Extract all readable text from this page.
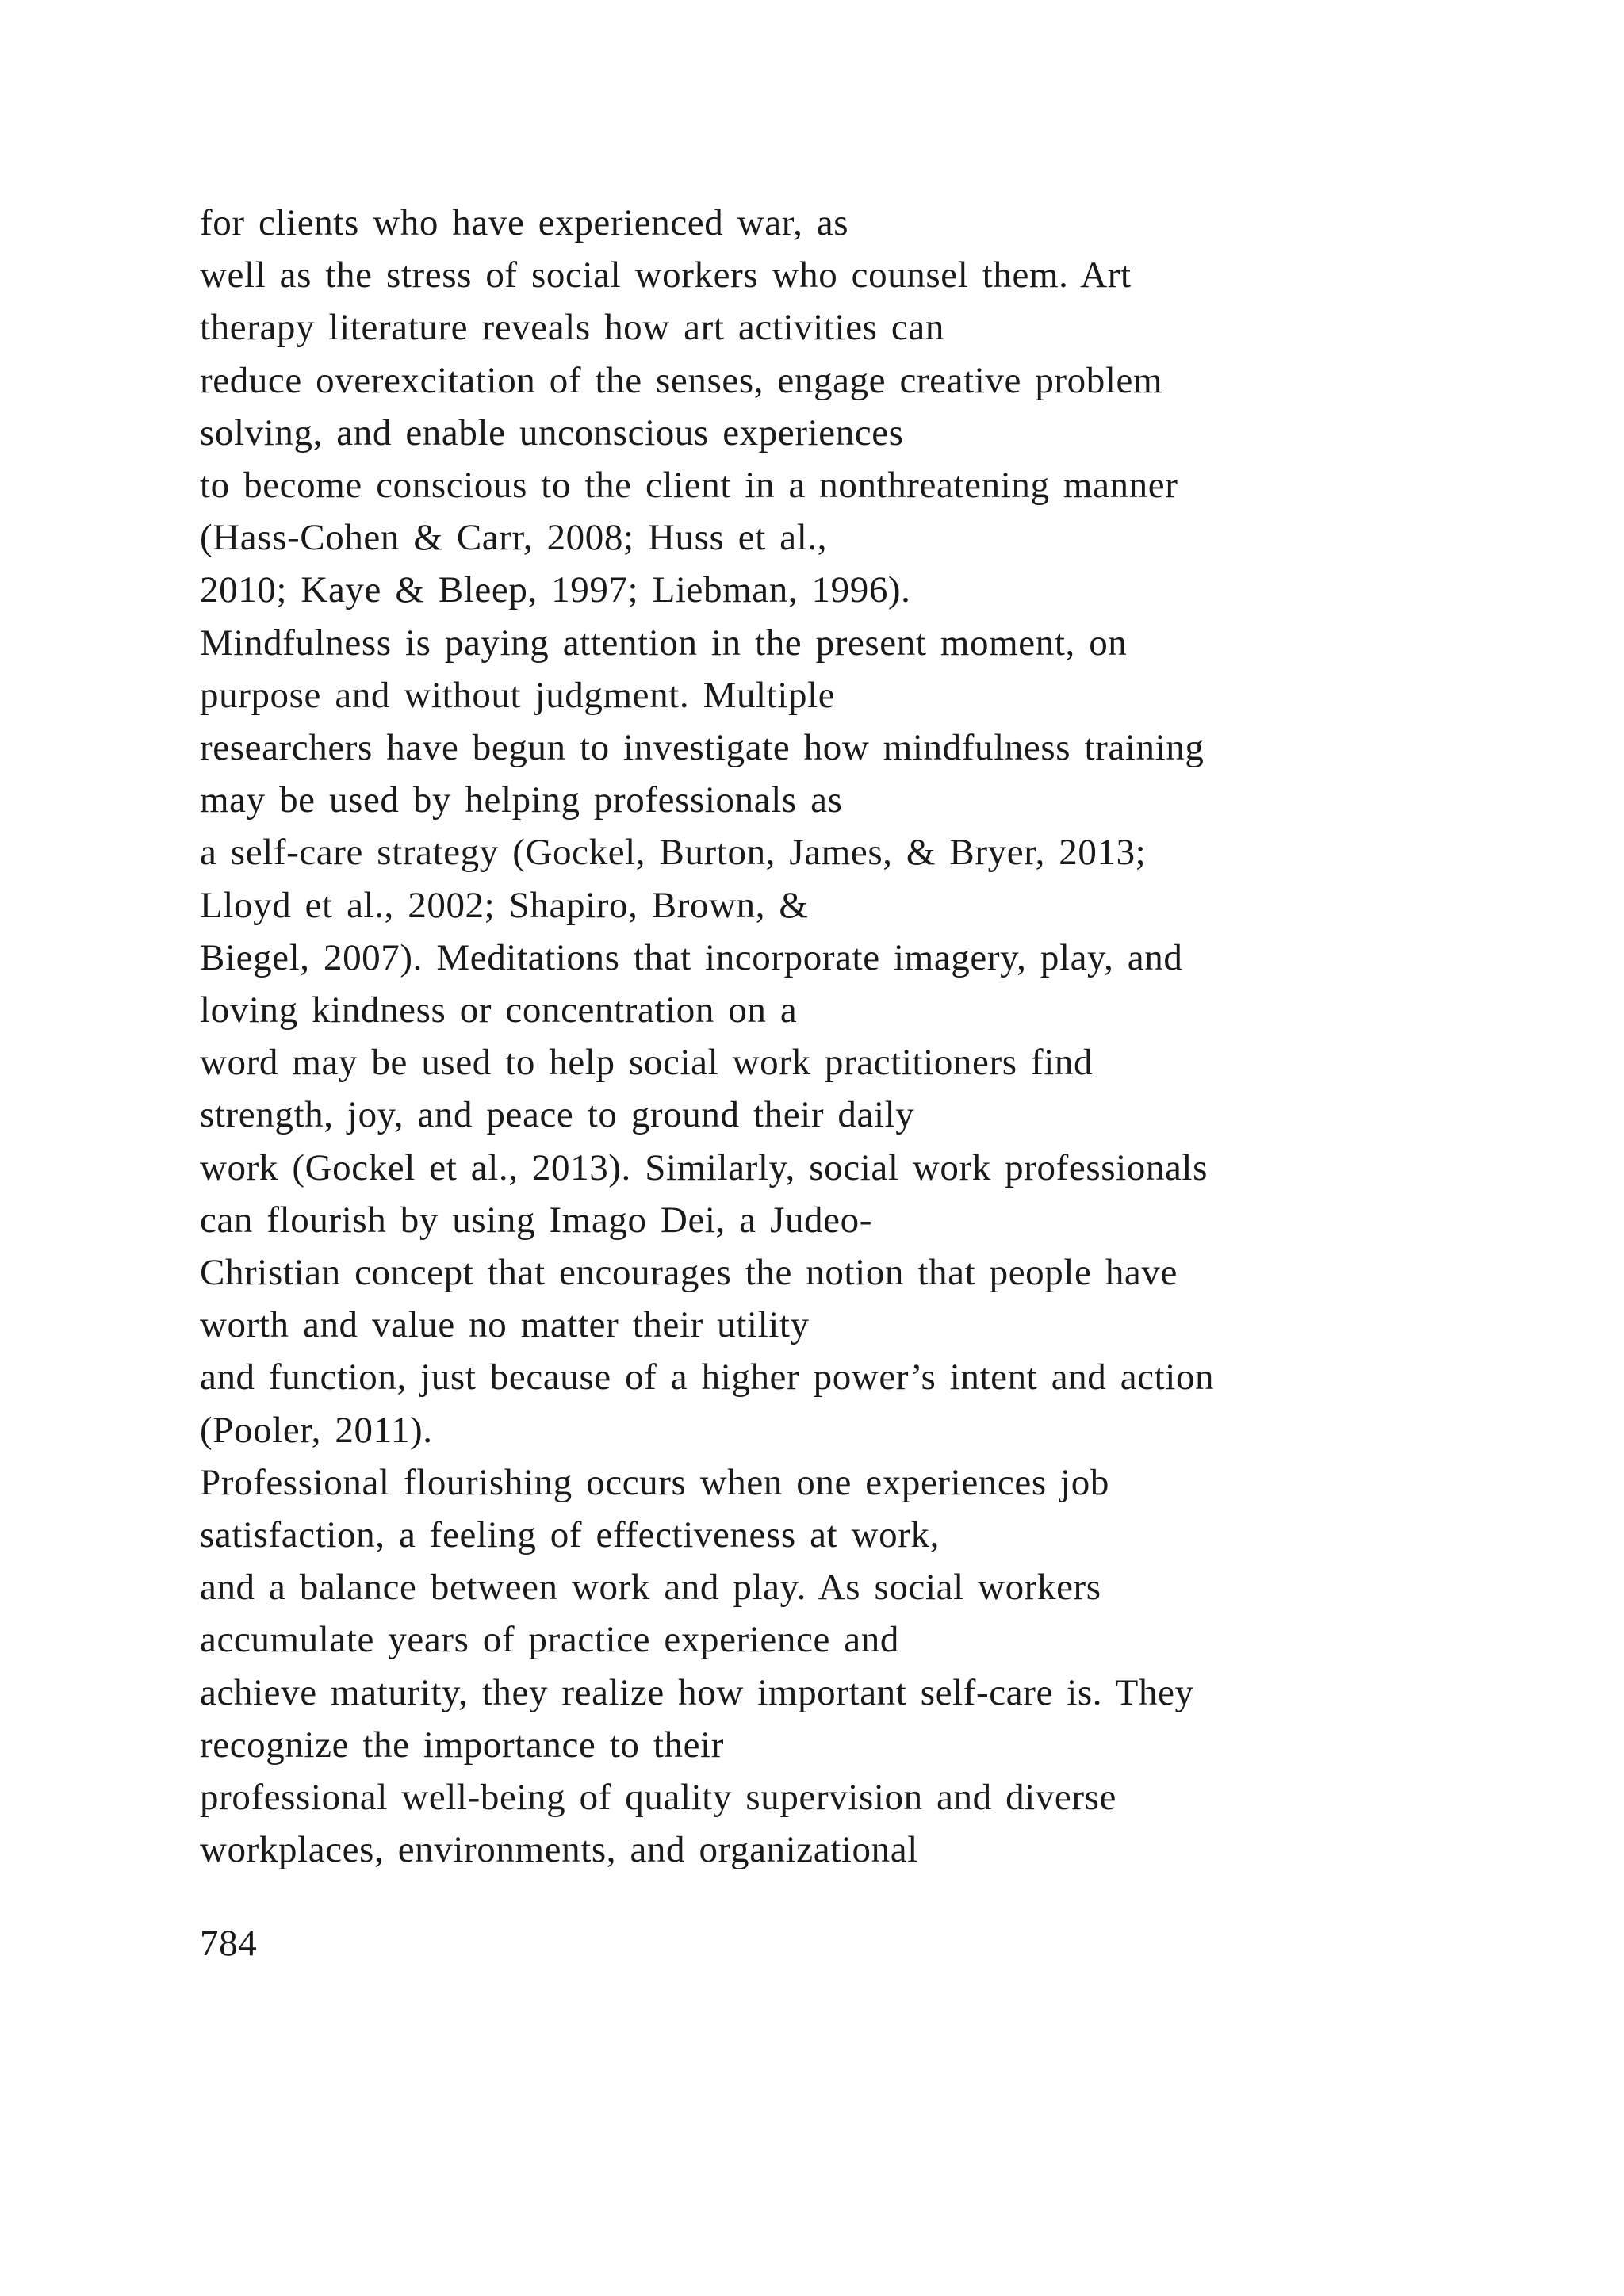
for clients who have experienced war, as
well as the stress of social workers who counsel them. Art
therapy literature reveals how art activities can
reduce overexcitation of the senses, engage creative problem
solving, and enable unconscious experiences
to become conscious to the client in a nonthreatening manner
(Hass-Cohen & Carr, 2008; Huss et al.,
2010; Kaye & Bleep, 1997; Liebman, 1996).
Mindfulness is paying attention in the present moment, on
purpose and without judgment. Multiple
researchers have begun to investigate how mindfulness training
may be used by helping professionals as
a self-care strategy (Gockel, Burton, James, & Bryer, 2013;
Lloyd et al., 2002; Shapiro, Brown, &
Biegel, 2007). Meditations that incorporate imagery, play, and
loving kindness or concentration on a
word may be used to help social work practitioners find
strength, joy, and peace to ground their daily
work (Gockel et al., 2013). Similarly, social work professionals
can flourish by using Imago Dei, a Judeo-
Christian concept that encourages the notion that people have
worth and value no matter their utility
and function, just because of a higher power’s intent and action
(Pooler, 2011).
Professional flourishing occurs when one experiences job
satisfaction, a feeling of effectiveness at work,
and a balance between work and play. As social workers
accumulate years of practice experience and
achieve maturity, they realize how important self-care is. They
recognize the importance to their
professional well-being of quality supervision and diverse
workplaces, environments, and organizational
784
